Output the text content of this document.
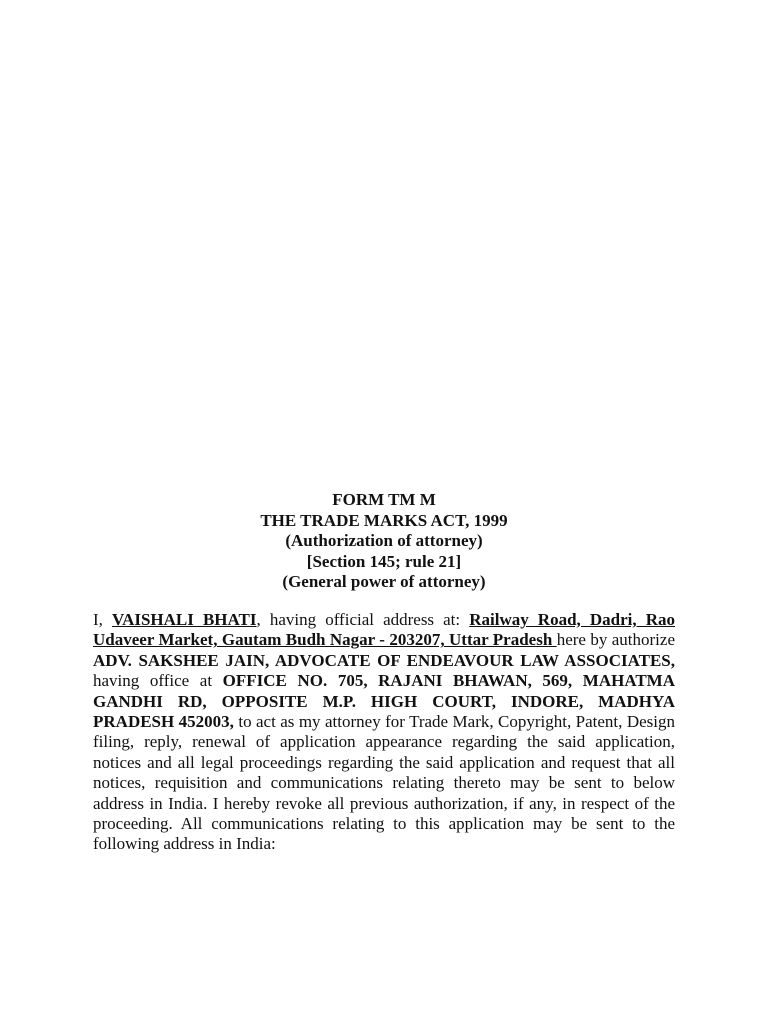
FORM TM M
THE TRADE MARKS ACT, 1999
(Authorization of attorney)
[Section 145; rule 21]
(General power of attorney)
I, VAISHALI BHATI, having official address at: Railway Road, Dadri, Rao Udaveer Market, Gautam Budh Nagar - 203207, Uttar Pradesh here by authorize ADV. SAKSHEE JAIN, ADVOCATE OF ENDEAVOUR LAW ASSOCIATES, having office at OFFICE NO. 705, RAJANI BHAWAN, 569, MAHATMA GANDHI RD, OPPOSITE M.P. HIGH COURT, INDORE, MADHYA PRADESH 452003, to act as my attorney for Trade Mark, Copyright, Patent, Design filing, reply, renewal of application appearance regarding the said application, notices and all legal proceedings regarding the said application and request that all notices, requisition and communications relating thereto may be sent to below address in India. I hereby revoke all previous authorization, if any, in respect of the proceeding. All communications relating to this application may be sent to the following address in India:
